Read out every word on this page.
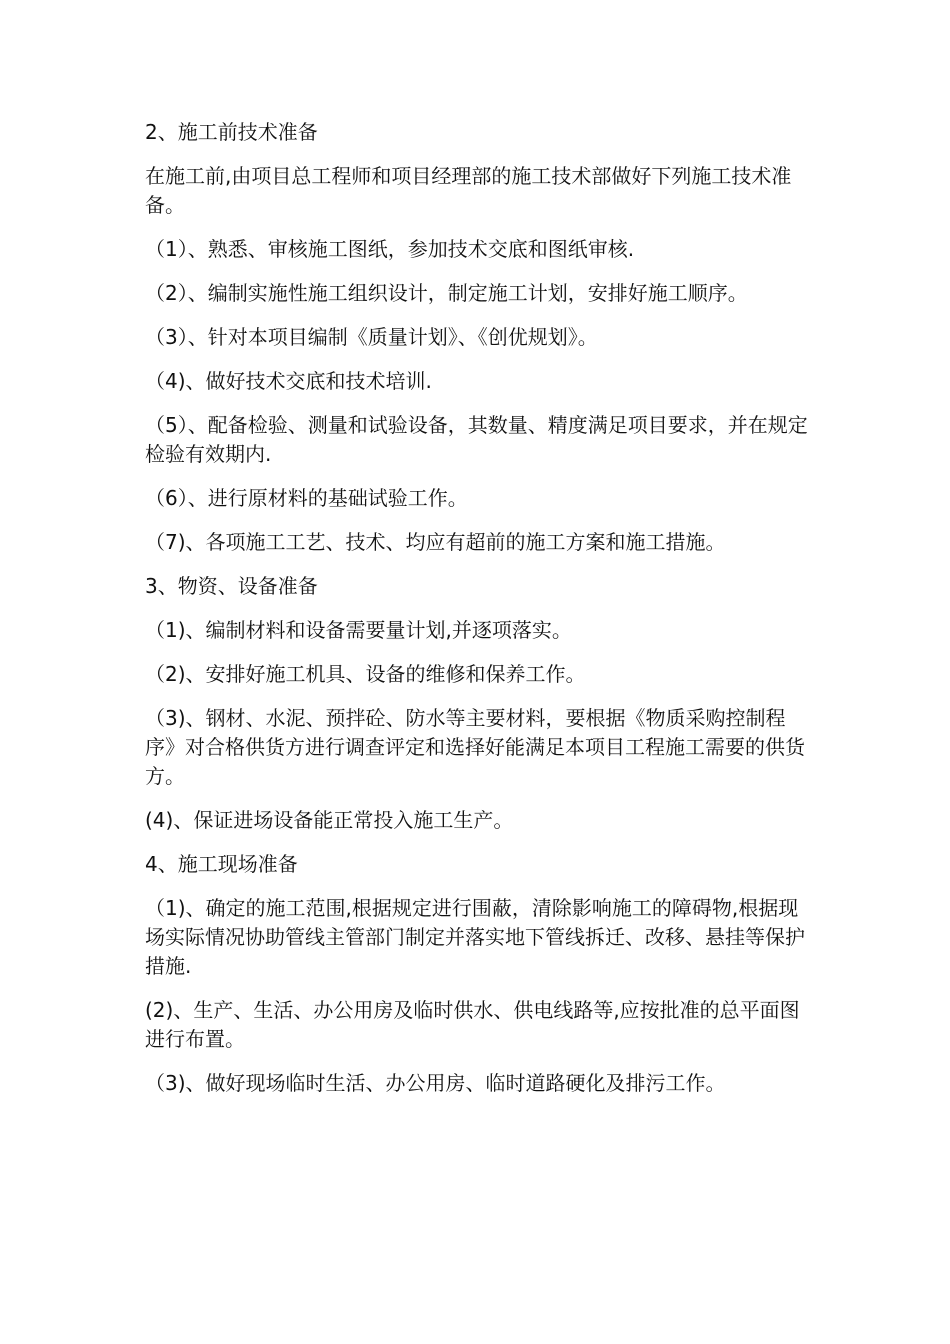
2、施工前技术准备

在施工前,由项目总工程师和项目经理部的施工技术部做好下列施工技术准备。

（1）、熟悉、审核施工图纸，参加技术交底和图纸审核.

（2）、编制实施性施工组织设计，制定施工计划，安排好施工顺序。

（3）、针对本项目编制《质量计划》、《创优规划》。

（4)、做好技术交底和技术培训.

（5）、配备检验、测量和试验设备，其数量、精度满足项目要求，并在规定检验有效期内.

（6）、进行原材料的基础试验工作。

（7)、各项施工工艺、技术、均应有超前的施工方案和施工措施。

3、物资、设备准备

（1)、编制材料和设备需要量计划,并逐项落实。

（2)、安排好施工机具、设备的维修和保养工作。

（3)、钢材、水泥、预拌砼、防水等主要材料，要根据《物质采购控制程序》对合格供货方进行调查评定和选择好能满足本项目工程施工需要的供货方。

(4)、保证进场设备能正常投入施工生产。

4、施工现场准备

（1)、确定的施工范围,根据规定进行围蔽，清除影响施工的障碍物,根据现场实际情况协助管线主管部门制定并落实地下管线拆迁、改移、悬挂等保护措施.

(2)、生产、生活、办公用房及临时供水、供电线路等,应按批准的总平面图进行布置。

（3)、做好现场临时生活、办公用房、临时道路硬化及排污工作。
